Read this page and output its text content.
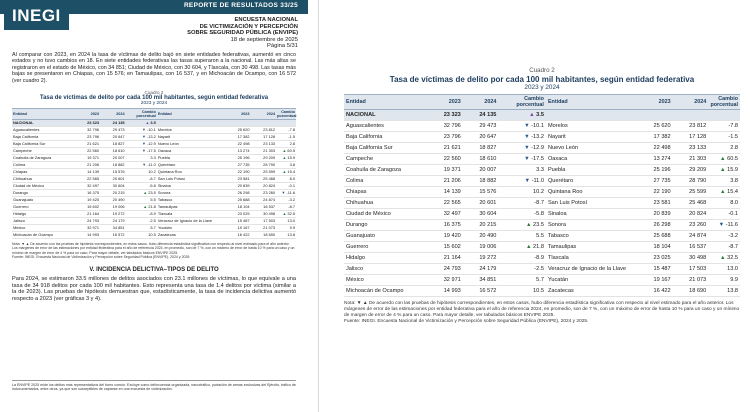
REPORTE DE RESULTADOS 33/25
INEGI	ENCUESTA NACIONAL
DE VICTIMIZACIÓN Y PERCEPCIÓN
SOBRE SEGURIDAD PÚBLICA (ENVIPE)
18 de septiembre de 2025
Página 5/31

Al comparar con 2023, en 2024 la tasa de víctimas de delito bajó en siete entidades federativas, aumentó en cinco estados y no tuvo cambios en 18. En siete entidades federativas las tasas superaron a la nacional. Las más altas se registraron en el estado de México, con 34 851; Ciudad de México, con 30 604, y Tlaxcala, con 30 498. Las tasas más bajas se presentaron en Chiapas, con 15 576; en Tamaulipas, con 16 537, y en Michoacán de Ocampo, con 16 572 (ver cuadro 2).

Cuadro 2
Tasa de víctimas de delito por cada 100 mil habitantes, según entidad federativa
2023 y 2024
Entidad	2023	2024	Cambio porcentual	Entidad	2023	2024	Cambio porcentual
NACIONAL	23 323	24 135	▲ 3.5				
Aguascalientes	32 796	29 473	▼ -10.1	Morelos	25 620	23 812	-7.8
Baja California	23 796	20 647	▼ -13.2	Nayarit	17 382	17 128	-1.5
Baja California Sur	21 621	18 827	▼ -12.9	Nuevo León	22 498	23 133	2.8
Campeche	22 560	18 610	▼ -17.5	Oaxaca	13 274	21 303	▲ 60.5
Coahuila de Zaragoza	19 371	20 007	3.3	Puebla	25 196	29 209	▲ 15.9
Colima	21 206	18 882	▼ -11.0	Querétaro	27 735	28 790	3.8
Chiapas	14 139	15 576	10.2	Quintana Roo	22 190	25 599	▲ 15.4
Chihuahua	22 565	20 601	-8.7	San Luis Potosí	23 581	25 468	8.0
Ciudad de México	32 497	30 604	-5.8	Sinaloa	20 839	20 824	-0.1
Durango	16 375	20 215	▲ 23.5	Sonora	26 298	23 260	▼ -11.6
Guanajuato	19 420	20 490	5.5	Tabasco	25 688	24 874	-3.2
Guerrero	15 602	19 006	▲ 21.8	Tamaulipas	18 104	16 537	-8.7
Hidalgo	21 164	19 272	-8.9	Tlaxcala	23 025	30 498	▲ 32.5
Jalisco	24 793	24 179	-2.5	Veracruz de Ignacio de la Llave	15 487	17 503	13.0
México	32 971	34 851	5.7	Yucatán	19 167	21 073	9.9
Michoacán de Ocampo	14 993	16 572	10.5	Zacatecas	16 422	18 690	13.8
Nota: ▼ ▲ De acuerdo con las pruebas de hipótesis correspondientes, en estos casos, hubo diferencia estadística significativa con respecto al nivel estimado para el año anterior. Los márgenes de error de las estimaciones por entidad federativa para el año de referencia 2024, en promedio, son de 7 %, con un máximo de error de hasta 10 % para un caso y un mínimo de margen de error de 4 % para un caso. Para mayor detalle, ver tabulados básicos ENVIPE 2025.
Fuente: INEGI. Encuesta Nacional de Victimización y Percepción sobre Seguridad Pública (ENVIPE), 2024 y 2025.
V. INCIDENCIA DELICTIVA–TIPOS DE DELITO

Para 2024, se estimaron 33.5 millones de delitos asociados con 23.1 millones de víctimas, lo que equivale a una tasa de 34 918 delitos por cada 100 mil habitantes. Esto representa una tasa de 1.4 delitos por víctima (similar a la de 2023). Las pruebas de hipótesis demuestran que, estadísticamente, la tasa de incidencia delictiva aumentó respecto a 2023 (ver gráficas 3 y 4).

La ENVIPE 2025 mide los delitos más representativos del fuero común. Excluye como delincuencia organizada, narcotráfico, portación de armas exclusivas del Ejército, tráfico de indocumentados, entre otros, ya que son susceptibles de captarse en una encuesta de victimización.
Cuadro 2
Tasa de víctimas de delito por cada 100 mil habitantes, según entidad federativa
2023 y 2024
Entidad	2023	2024	Cambio porcentual	Entidad	2023	2024	Cambio porcentual
NACIONAL	23 323	24 135	▲ 3.5				
Aguascalientes	32 796	29 473	▼ -10.1	Morelos	25 620	23 812	-7.8
Baja California	23 796	20 647	▼ -13.2	Nayarit	17 382	17 128	-1.5
Baja California Sur	21 621	18 827	▼ -12.9	Nuevo León	22 498	23 133	2.8
Campeche	22 560	18 610	▼ -17.5	Oaxaca	13 274	21 303	▲ 60.5
Coahuila de Zaragoza	19 371	20 007	3.3	Puebla	25 196	29 209	▲ 15.9
Colima	21 206	18 882	▼ -11.0	Querétaro	27 735	28 790	3.8
Chiapas	14 139	15 576	10.2	Quintana Roo	22 190	25 599	▲ 15.4
Chihuahua	22 565	20 601	-8.7	San Luis Potosí	23 581	25 468	8.0
Ciudad de México	32 497	30 604	-5.8	Sinaloa	20 839	20 824	-0.1
Durango	16 375	20 215	▲ 23.5	Sonora	26 298	23 260	▼ -11.6
Guanajuato	19 420	20 490	5.5	Tabasco	25 688	24 874	-3.2
Guerrero	15 602	19 006	▲ 21.8	Tamaulipas	18 104	16 537	-8.7
Hidalgo	21 164	19 272	-8.9	Tlaxcala	23 025	30 498	▲ 32.5
Jalisco	24 793	24 179	-2.5	Veracruz de Ignacio de la Llave	15 487	17 503	13.0
México	32 971	34 851	5.7	Yucatán	19 167	21 073	9.9
Michoacán de Ocampo	14 993	16 572	10.5	Zacatecas	16 422	18 690	13.8
Nota: ▼ ▲ De acuerdo con las pruebas de hipótesis correspondientes, en estos casos, hubo diferencia estadística significativa con respecto al nivel estimado para el año anterior. Los márgenes de error de las estimaciones por entidad federativa para el año de referencia 2024, en promedio, son de 7 %, con un máximo de error de hasta 10 % para un caso y un mínimo de margen de error de 4 % para un caso. Para mayor detalle, ver tabulados básicos ENVIPE 2025.
Fuente: INEGI. Encuesta Nacional de Victimización y Percepción sobre Seguridad Pública (ENVIPE), 2024 y 2025.
